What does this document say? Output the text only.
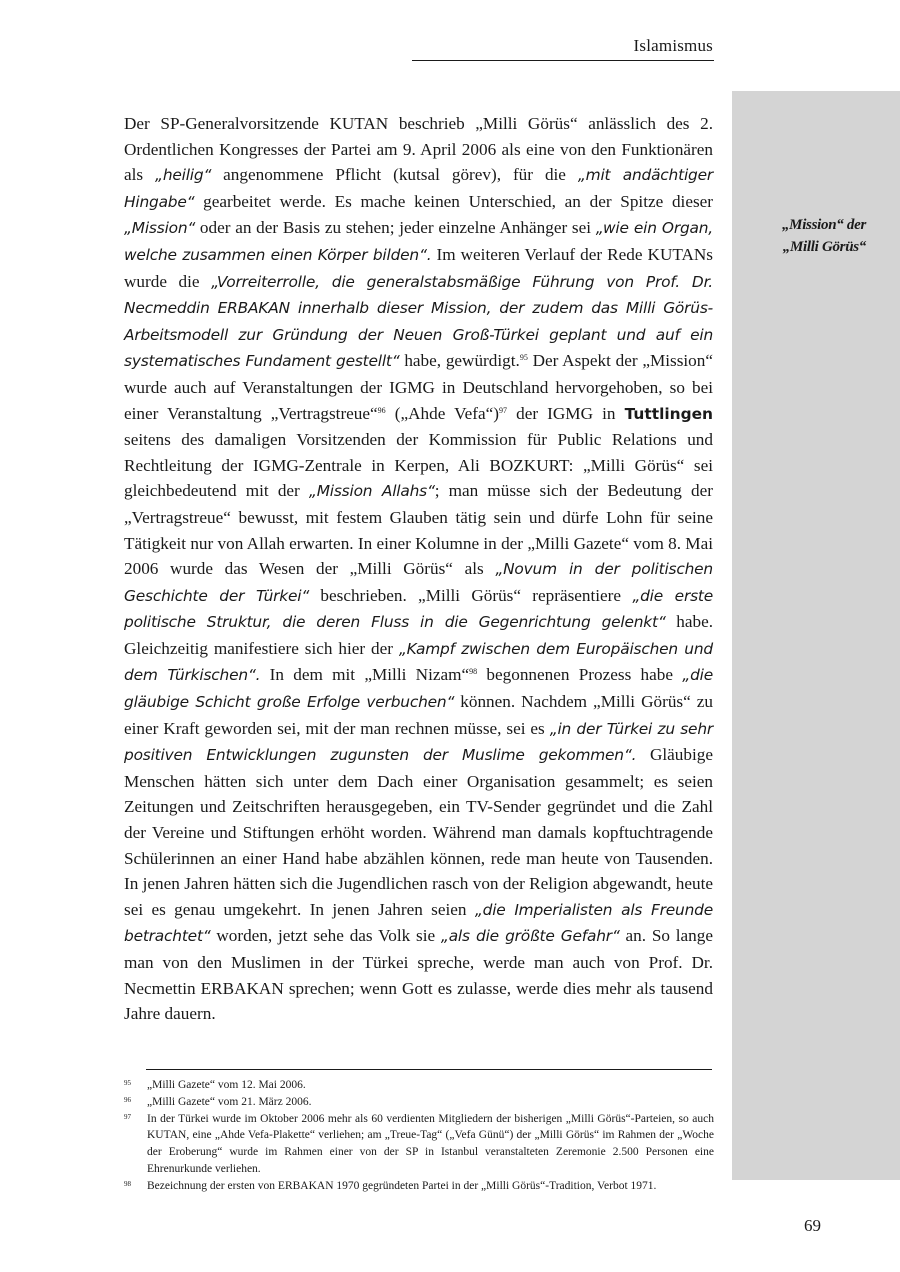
Islamismus
„Mission“ der
„Milli Görüs“

Der SP-Generalvorsitzende KUTAN beschrieb „Milli Görüs“ anlässlich des 2. Ordentlichen Kongresses der Partei am 9. April 2006 als eine von den Funktionären als „heilig“ angenommene Pflicht (kutsal görev), für die „mit andächtiger Hingabe“ gearbeitet werde. Es mache keinen Unterschied, an der Spitze dieser „Mission“ oder an der Basis zu stehen; jeder einzelne Anhänger sei „wie ein Organ, welche zusammen einen Körper bilden“. Im weiteren Verlauf der Rede KUTANs wurde die „Vorreiterrolle, die generalstabsmäßige Führung von Prof. Dr. Necmeddin ERBAKAN innerhalb dieser Mission, der zudem das Milli Görüs-Arbeitsmodell zur Gründung der Neuen Groß-Türkei geplant und auf ein systematisches Fundament gestellt“ habe, gewürdigt.$^{95}$ Der Aspekt der „Mission“ wurde auch auf Veranstaltungen der IGMG in Deutschland hervorgehoben, so bei einer Veranstaltung „Vertragstreue“$^{96}$ („Ahde Vefa“)$^{97}$ der IGMG in Tuttlingen seitens des damaligen Vorsitzenden der Kommission für Public Relations und Rechtleitung der IGMG-Zentrale in Kerpen, Ali BOZKURT: „Milli Görüs“ sei gleichbedeutend mit der „Mission Allahs“; man müsse sich der Bedeutung der „Vertragstreue“ bewusst, mit festem Glauben tätig sein und dürfe Lohn für seine Tätigkeit nur von Allah erwarten. In einer Kolumne in der „Milli Gazete“ vom 8. Mai 2006 wurde das Wesen der „Milli Görüs“ als „Novum in der politischen Geschichte der Türkei“ beschrieben. „Milli Görüs“ repräsentiere „die erste politische Struktur, die deren Fluss in die Gegenrichtung gelenkt“ habe. Gleichzeitig manifestiere sich hier der „Kampf zwischen dem Europäischen und dem Türkischen“. In dem mit „Milli Nizam“$^{98}$ begonnenen Prozess habe „die gläubige Schicht große Erfolge verbuchen“ können. Nachdem „Milli Görüs“ zu einer Kraft geworden sei, mit der man rechnen müsse, sei es „in der Türkei zu sehr positiven Entwicklungen zugunsten der Muslime gekommen“. Gläubige Menschen hätten sich unter dem Dach einer Organisation gesammelt; es seien Zeitungen und Zeitschriften herausgegeben, ein TV-Sender gegründet und die Zahl der Vereine und Stiftungen erhöht worden. Während man damals kopftuchtragende Schülerinnen an einer Hand habe abzählen können, rede man heute von Tausenden. In jenen Jahren hätten sich die Jugendlichen rasch von der Religion abgewandt, heute sei es genau umgekehrt. In jenen Jahren seien „die Imperialisten als Freunde betrachtet“ worden, jetzt sehe das Volk sie „als die größte Gefahr“ an. So lange man von den Muslimen in der Türkei spreche, werde man auch von Prof. Dr. Necmettin ERBAKAN sprechen; wenn Gott es zulasse, werde dies mehr als tausend Jahre dauern.

95 „Milli Gazete“ vom 12. Mai 2006.
96 „Milli Gazete“ vom 21. März 2006.
97 In der Türkei wurde im Oktober 2006 mehr als 60 verdienten Mitgliedern der bisherigen „Milli Görüs“-Parteien, so auch KUTAN, eine „Ahde Vefa-Plakette“ verliehen; am „Treue-Tag“ („Vefa Günü“) der „Milli Görüs“ im Rahmen der „Woche der Eroberung“ wurde im Rahmen einer von der SP in Istanbul veranstalteten Zeremonie 2.500 Personen eine Ehrenurkunde verliehen.
98 Bezeichnung der ersten von ERBAKAN 1970 gegründeten Partei in der „Milli Görüs“-Tradition, Verbot 1971.
69
